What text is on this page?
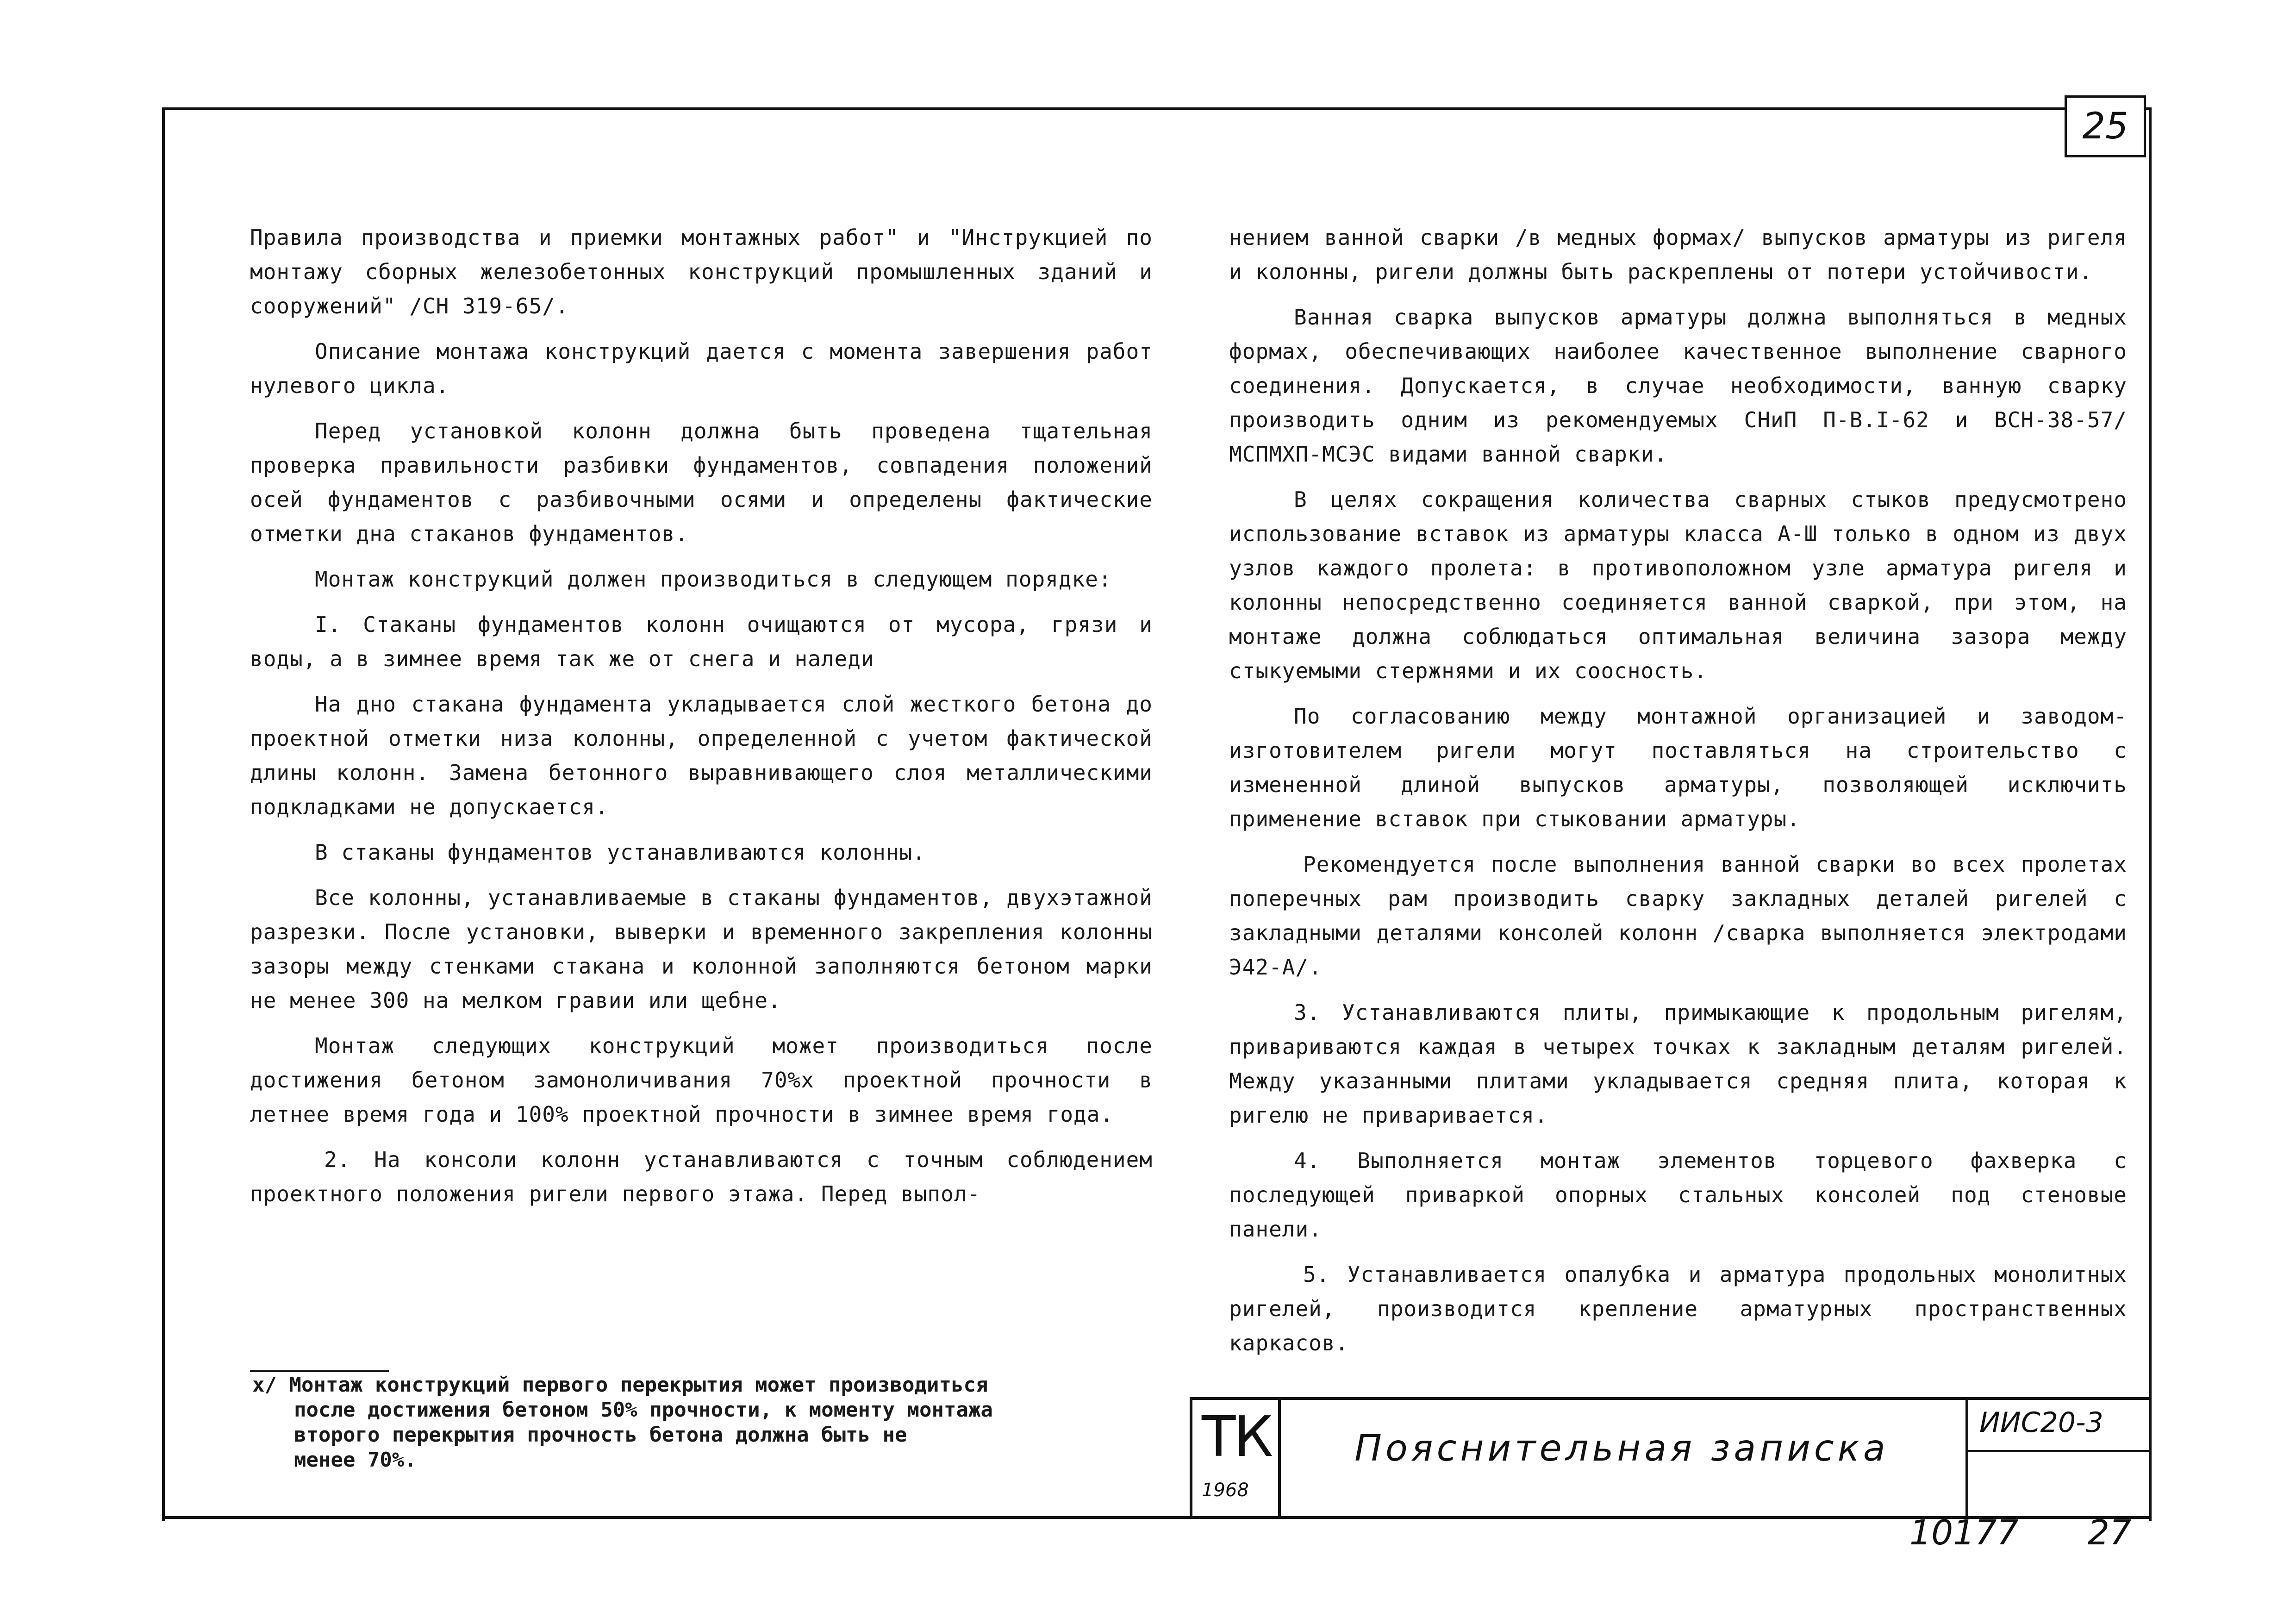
25

Правила производства и приемки монтажных работ" и "Инструкцией по монтажу сборных железобетонных конструкций промышленных зданий и сооружений" /СН 319-65/.

Описание монтажа конструкций дается с момента завершения работ нулевого цикла.

Перед установкой колонн должна быть проведена тщательная проверка правильности разбивки фундаментов, совпадения положений осей фундаментов с разбивочными осями и определены фактические отметки дна стаканов фундаментов.

Монтаж конструкций должен производиться в следующем порядке:

I. Стаканы фундаментов колонн очищаются от мусора, грязи и воды, а в зимнее время так же от снега и наледи

На дно стакана фундамента укладывается слой жесткого бетона до проектной отметки низа колонны, определенной с учетом фактической длины колонн. Замена бетонного выравнивающего слоя металлическими подкладками не допускается.

В стаканы фундаментов устанавливаются колонны.

Все колонны, устанавливаемые в стаканы фундаментов, двухэтажной разрезки. После установки, выверки и временного закрепления колонны зазоры между стенками стакана и колонной заполняются бетоном марки не менее 300 на мелком гравии или щебне.

Монтаж следующих конструкций может производиться после достижения бетоном замоноличивания 70%х проектной прочности в летнее время года и 100% проектной прочности в зимнее время года.

2. На консоли колонн устанавливаются с точным соблюдением проектного положения ригели первого этажа. Перед выпол-

х/ Монтаж конструкций первого перекрытия может производиться
после достижения бетоном 50% прочности, к моменту монтажа
второго перекрытия прочность бетона должна быть не
менее 70%.

нением ванной сварки /в медных формах/ выпусков арматуры из ригеля и колонны, ригели должны быть раскреплены от потери устойчивости.

Ванная сварка выпусков арматуры должна выполняться в медных формах, обеспечивающих наиболее качественное выполнение сварного соединения. Допускается, в случае необходимости, ванную сварку производить одним из рекомендуемых СНиП П-В.I-62 и ВСН-38-57/МСПМХП-МСЭС видами ванной сварки.

В целях сокращения количества сварных стыков предусмотрено использование вставок из арматуры класса А-Ш только в одном из двух узлов каждого пролета: в противоположном узле арматура ригеля и колонны непосредственно соединяется ванной сваркой, при этом, на монтаже должна соблюдаться оптимальная величина зазора между стыкуемыми стержнями и их соосность.

По согласованию между монтажной организацией и заводом-изготовителем ригели могут поставляться на строительство с измененной длиной выпусков арматуры, позволяющей исключить применение вставок при стыковании арматуры.

Рекомендуется после выполнения ванной сварки во всех пролетах поперечных рам производить сварку закладных деталей ригелей с закладными деталями консолей колонн /сварка выполняется электродами Э42-А/.

3. Устанавливаются плиты, примыкающие к продольным ригелям, привариваются каждая в четырех точках к закладным деталям ригелей. Между указанными плитами укладывается средняя плита, которая к ригелю не приваривается.

4. Выполняется монтаж элементов торцевого фахверка с последующей приваркой опорных стальных консолей под стеновые панели.

5. Устанавливается опалубка и арматура продольных монолитных ригелей, производится крепление арматурных пространственных каркасов.

ТК
1968
Пояснительная записка
ИИС20-3
10177 27
